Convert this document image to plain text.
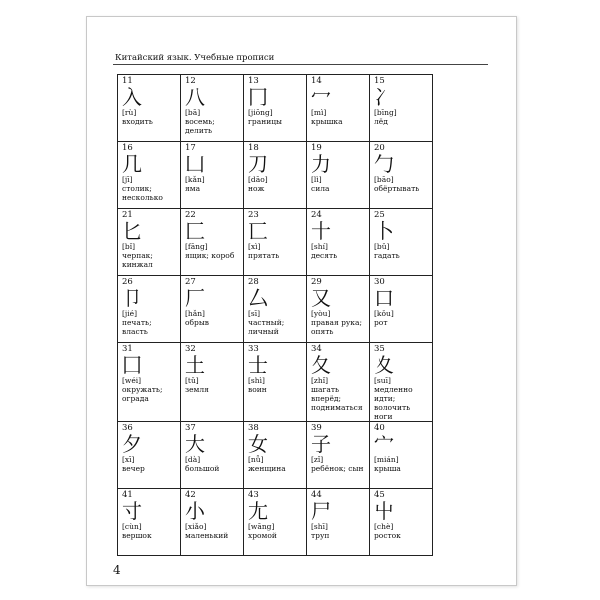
Китайский язык. Учебные прописи
11
入
[rù]
входить	12
八
[bā]
восемь; делить	13
冂
[jiōng]
границы	14
冖
[mì]
крышка	15
冫
[bīng]
лёд

16
几
[jī]
столик; несколько	17
凵
[kǎn]
яма	18
刀
[dāo]
нож	19
力
[lì]
сила	20
勹
[bāo]
обёртывать

21
匕
[bǐ]
черпак; кинжал	22
匚
[fāng]
ящик; короб	23
匸
[xì]
прятать	24
十
[shí]
десять	25
卜
[bǔ]
гадать

26
卩
[jié]
печать; власть	27
厂
[hǎn]
обрыв	28
厶
[sī]
частный; личный	29
又
[yòu]
правая рука; опять	30
口
[kǒu]
рот

31
囗
[wéi]
окружать; ограда	32
土
[tǔ]
земля	33
士
[shì]
воин	34
夂
[zhǐ]
шагать вперёд; подниматься	35
夊
[suī]
медленно идти; волочить ноги

36
夕
[xī]
вечер	37
大
[dà]
большой	38
女
[nǚ]
женщина	39
子
[zǐ]
ребёнок; сын	40
宀
[mián]
крыша

41
寸
[cùn]
вершок	42
小
[xiǎo]
маленький	43
尢
[wāng]
хромой	44
尸
[shī]
труп	45
屮
[chè]
росток
4
